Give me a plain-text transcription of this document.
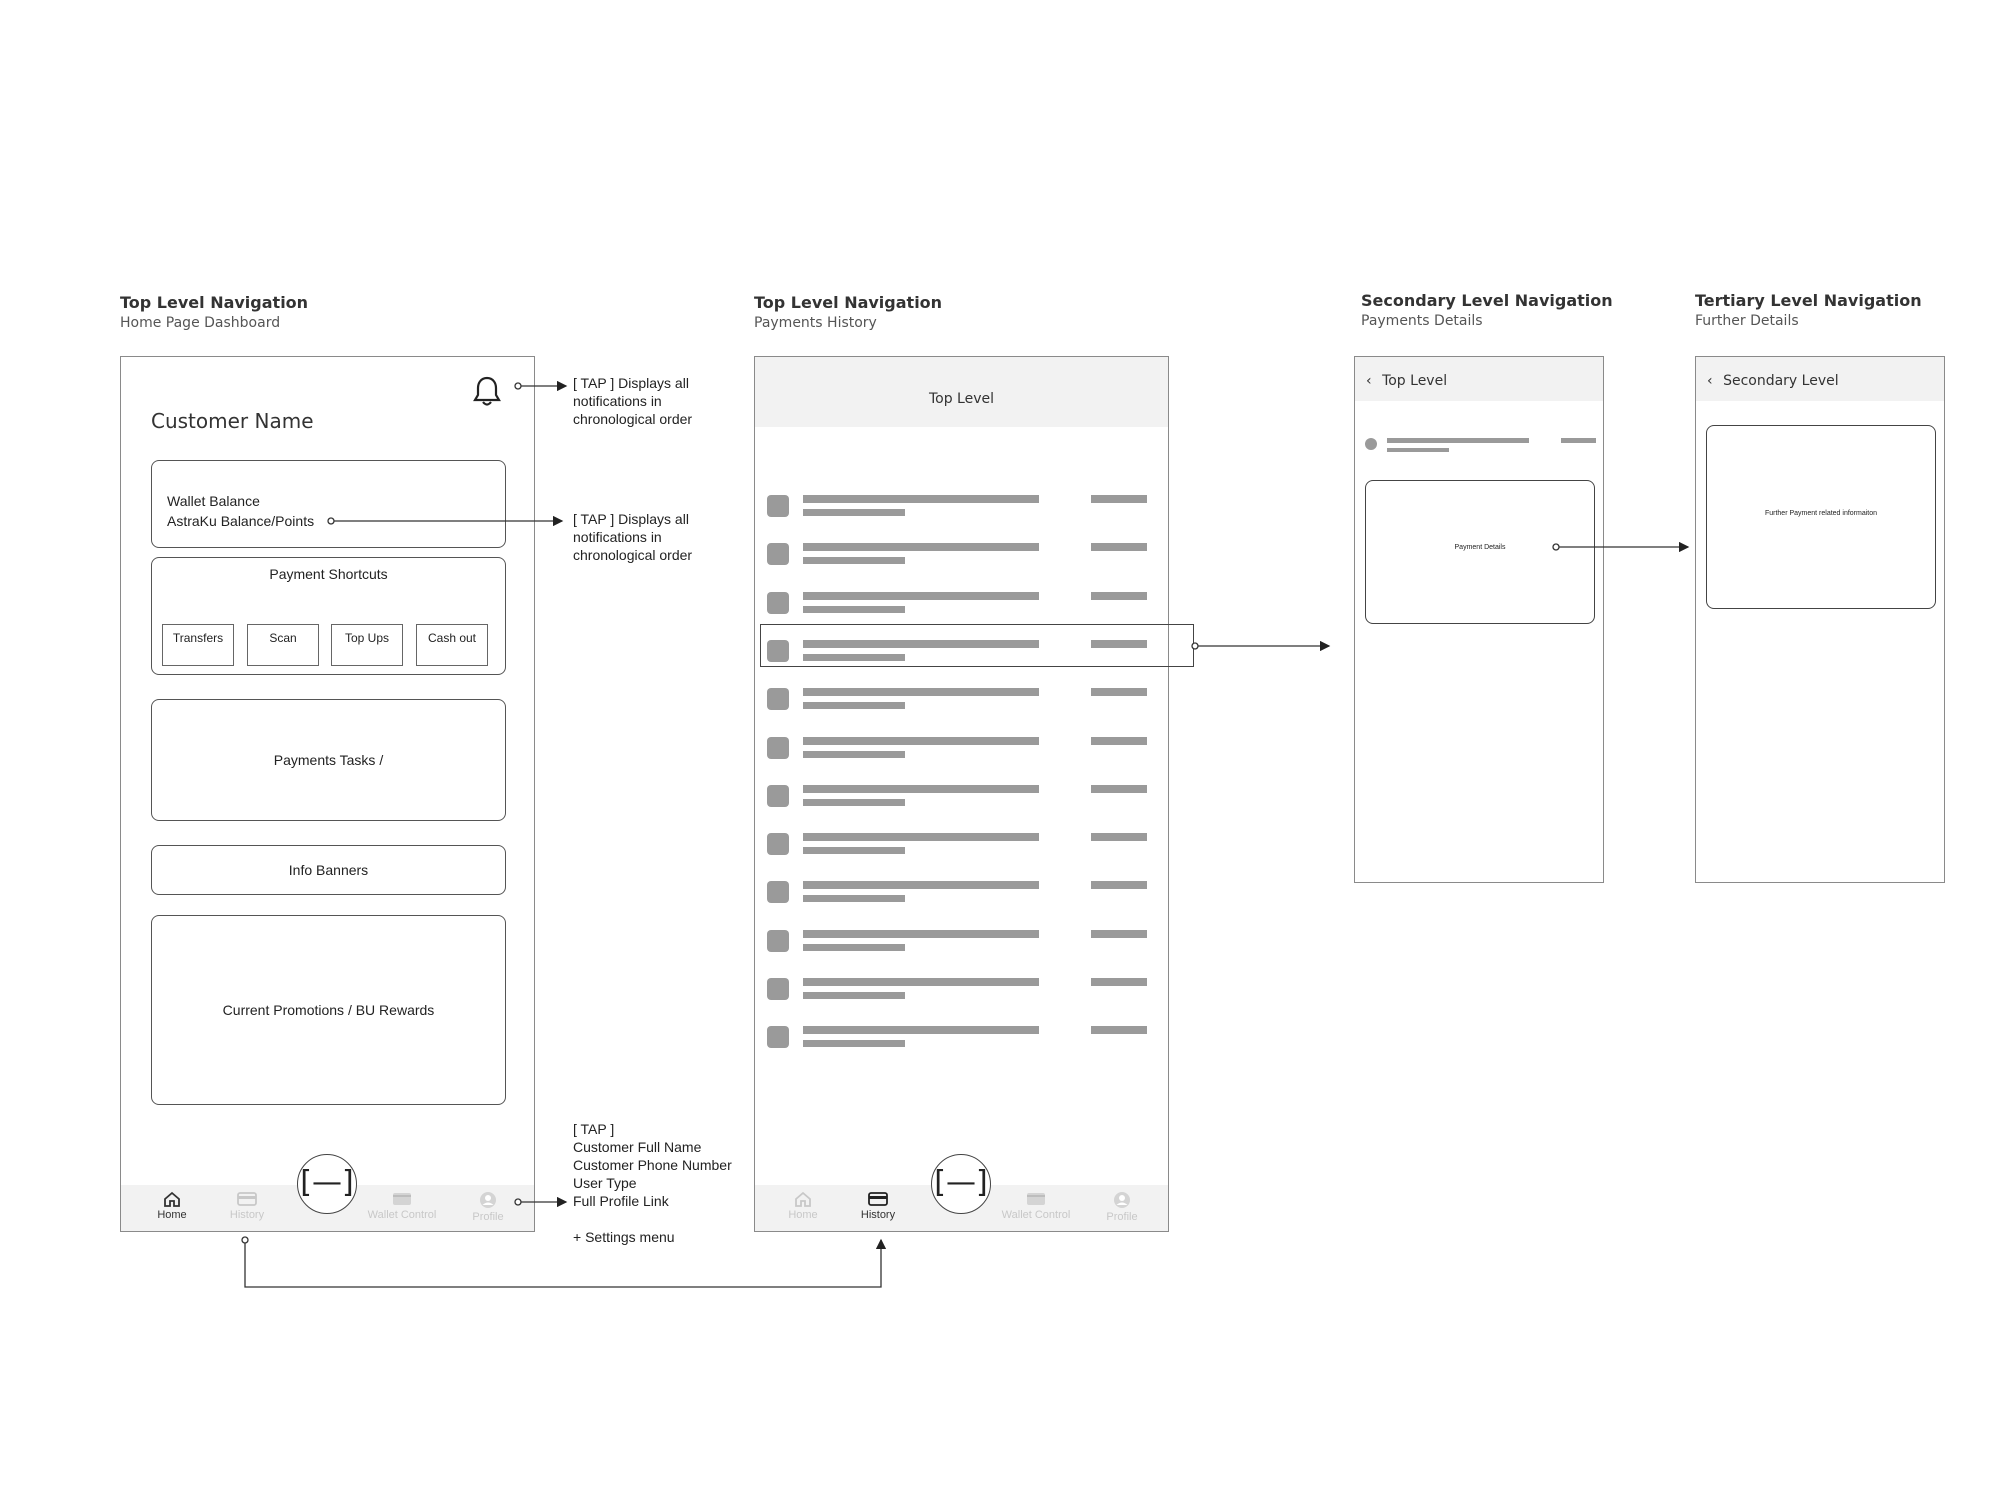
Top Level Navigation
Home Page Dashboard
Customer Name
Wallet Balance
AstraKu Balance/Points
Payment Shortcuts
Transfers	Scan	Top Ups	Cash out
Payments Tasks /
Info Banners
Current Promotions / BU Rewards
Home	History	Wallet Control	Profile
[—]
[ TAP ] Displays all
notifications in
chronological order
[ TAP ] Displays all
notifications in
chronological order
[ TAP ]
Customer Full Name
Customer Phone Number
User Type
Full Profile Link
+ Settings menu
Top Level Navigation
Payments History
Top Level
Home	History	Wallet Control	Profile
[—]
Secondary Level Navigation
Payments Details
‹ Top Level
Payment Details
Tertiary Level Navigation
Further Details
‹ Secondary Level
Further Payment related informaiton
